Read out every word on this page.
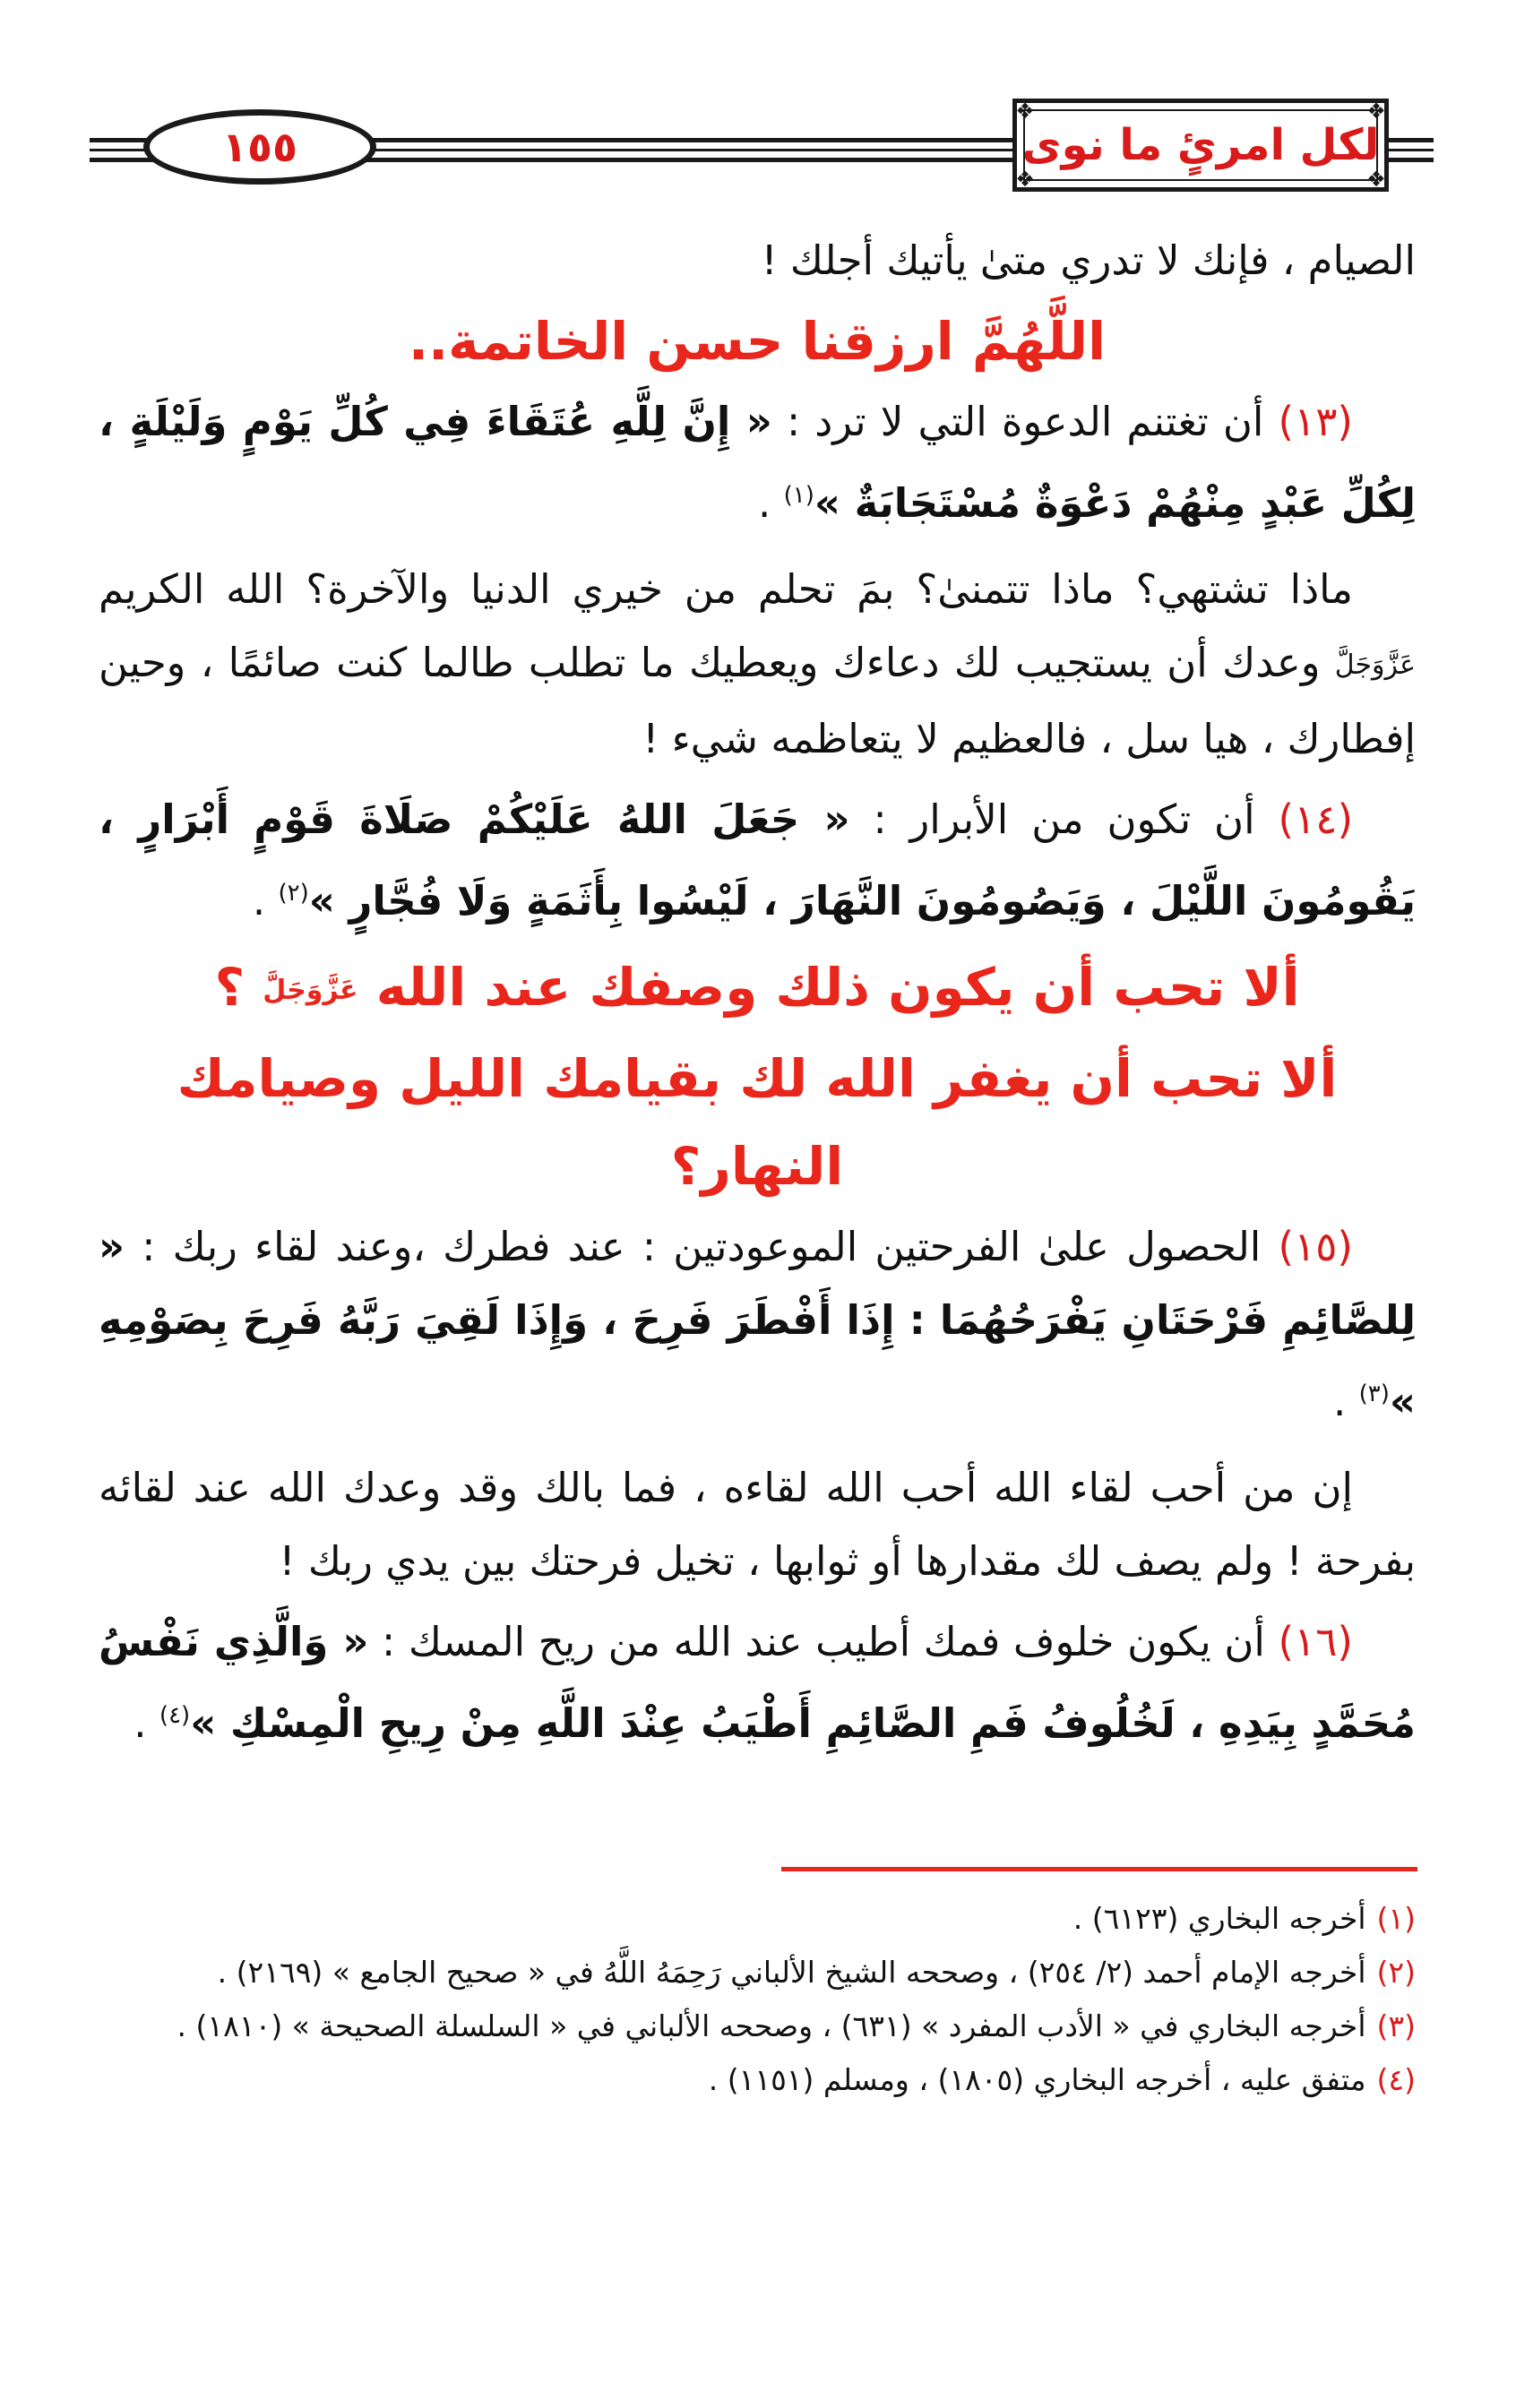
١٥٥
❖	❖
❖	❖
لكل امرئٍ ما نوى

الصيام ، فإنك لا تدري متىٰ يأتيك أجلك !

اللَّهُمَّ ارزقنا حسن الخاتمة..

(١٣) أن تغتنم الدعوة التي لا ترد : « إِنَّ لِلَّهِ عُتَقَاءَ فِي كُلِّ يَوْمٍ وَلَيْلَةٍ ، لِكُلِّ عَبْدٍ مِنْهُمْ دَعْوَةٌ مُسْتَجَابَةٌ »$^{(١)}$ .

ماذا تشتهي؟ ماذا تتمنىٰ؟ بمَ تحلم من خيري الدنيا والآخرة؟ الله الكريم عَزَّوَجَلَّ وعدك أن يستجيب لك دعاءك ويعطيك ما تطلب طالما كنت صائمًا ، وحين إفطارك ، هيا سل ، فالعظيم لا يتعاظمه شيء !

(١٤) أن تكون من الأبرار : « جَعَلَ اللهُ عَلَيْكُمْ صَلَاةَ قَوْمٍ أَبْرَارٍ ، يَقُومُونَ اللَّيْلَ ، وَيَصُومُونَ النَّهَارَ ، لَيْسُوا بِأَثَمَةٍ وَلَا فُجَّارٍ »$^{(٢)}$ .

ألا تحب أن يكون ذلك وصفك عند الله عَزَّوَجَلَّ ؟

ألا تحب أن يغفر الله لك بقيامك الليل وصيامك النهار؟

(١٥) الحصول علىٰ الفرحتين الموعودتين : عند فطرك ،وعند لقاء ربك : « لِلصَّائِمِ فَرْحَتَانِ يَفْرَحُهُمَا : إِذَا أَفْطَرَ فَرِحَ ، وَإِذَا لَقِيَ رَبَّهُ فَرِحَ بِصَوْمِهِ »$^{(٣)}$ .

إن من أحب لقاء الله أحب الله لقاءه ، فما بالك وقد وعدك الله عند لقائه بفرحة ! ولم يصف لك مقدارها أو ثوابها ، تخيل فرحتك بين يدي ربك !

(١٦) أن يكون خلوف فمك أطيب عند الله من ريح المسك : « وَالَّذِي نَفْسُ مُحَمَّدٍ بِيَدِهِ ، لَخُلُوفُ فَمِ الصَّائِمِ أَطْيَبُ عِنْدَ اللَّهِ مِنْ رِيحِ الْمِسْكِ »$^{(٤)}$ .

(١)أخرجه البخاري (٦١٢٣) .

(٢)أخرجه الإمام أحمد (٢/ ٢٥٤) ، وصححه الشيخ الألباني رَحِمَهُ اللَّهُ في « صحيح الجامع » (٢١٦٩) .

(٣)أخرجه البخاري في « الأدب المفرد » (٦٣١) ، وصححه الألباني في « السلسلة الصحيحة » (١٨١٠) .

(٤)متفق عليه ، أخرجه البخاري (١٨٠٥) ، ومسلم (١١٥١) .
